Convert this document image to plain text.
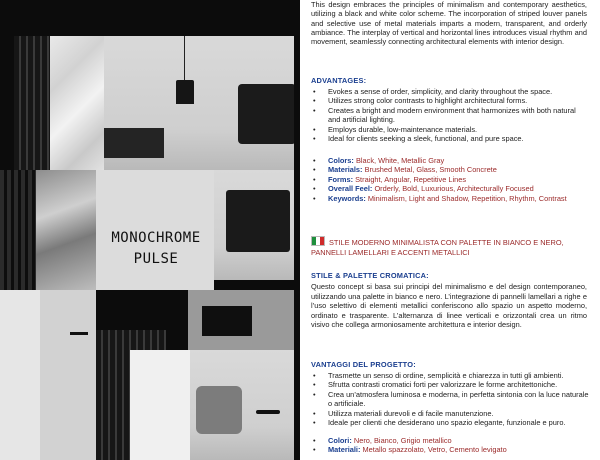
MONOCHROME
PULSE

This design embraces the principles of minimalism and contemporary aesthetics, utilizing a black and white color scheme. The incorporation of striped louver panels and selective use of metal materials imparts a modern, transparent, and orderly ambiance. The interplay of vertical and horizontal lines introduces visual rhythm and movement, seamlessly connecting architectural elements with interior design.

ADVANTAGES:
• Evokes a sense of order, simplicity, and clarity throughout the space.
• Utilizes strong color contrasts to highlight architectural forms.
• Creates a bright and modern environment that harmonizes with both natural and artificial lighting.
• Employs durable, low-maintenance materials.
• Ideal for clients seeking a sleek, functional, and pure space.
• Colors: Black, White, Metallic Gray
• Materials: Brushed Metal, Glass, Smooth Concrete
• Forms: Straight, Angular, Repetitive Lines
• Overall Feel: Orderly, Bold, Luxurious, Architecturally Focused
• Keywords: Minimalism, Light and Shadow, Repetition, Rhythm, Contrast
STILE MODERNO MINIMALISTA CON PALETTE IN BIANCO E NERO, PANNELLI LAMELLARI E ACCENTI METALLICI
STILE & PALETTE CROMATICA:

Questo concept si basa sui principi del minimalismo e del design contemporaneo, utilizzando una palette in bianco e nero. L’integrazione di pannelli lamellari a righe e l’uso selettivo di elementi metallici conferiscono allo spazio un aspetto moderno, ordinato e trasparente. L’alternanza di linee verticali e orizzontali crea un ritmo visivo che collega armoniosamente architettura e interior design.

VANTAGGI DEL PROGETTO:
• Trasmette un senso di ordine, semplicità e chiarezza in tutti gli ambienti.
• Sfrutta contrasti cromatici forti per valorizzare le forme architettoniche.
• Crea un’atmosfera luminosa e moderna, in perfetta sintonia con la luce naturale o artificiale.
• Utilizza materiali durevoli e di facile manutenzione.
• Ideale per clienti che desiderano uno spazio elegante, funzionale e puro.
• Colori: Nero, Bianco, Grigio metallico
• Materiali: Metallo spazzolato, Vetro, Cemento levigato
